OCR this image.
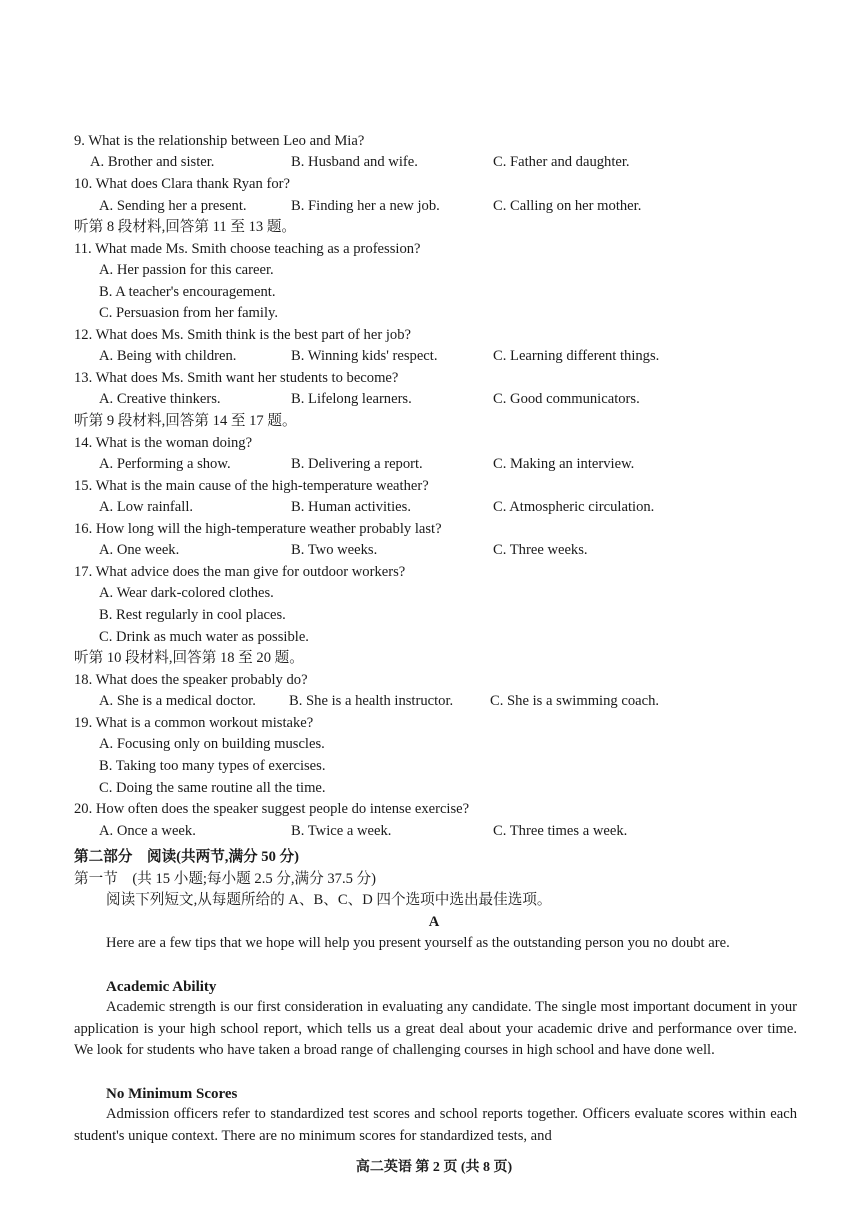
9. What is the relationship between Leo and Mia?
A. Brother and sister.	B. Husband and wife.	C. Father and daughter.
10. What does Clara thank Ryan for?
A. Sending her a present.	B. Finding her a new job.	C. Calling on her mother.
听第 8 段材料,回答第 11 至 13 题。
11. What made Ms. Smith choose teaching as a profession?
A. Her passion for this career.
B. A teacher's encouragement.
C. Persuasion from her family.
12. What does Ms. Smith think is the best part of her job?
A. Being with children.	B. Winning kids' respect.	C. Learning different things.
13. What does Ms. Smith want her students to become?
A. Creative thinkers.	B. Lifelong learners.	C. Good communicators.
听第 9 段材料,回答第 14 至 17 题。
14. What is the woman doing?
A. Performing a show.	B. Delivering a report.	C. Making an interview.
15. What is the main cause of the high-temperature weather?
A. Low rainfall.	B. Human activities.	C. Atmospheric circulation.
16. How long will the high-temperature weather probably last?
A. One week.	B. Two weeks.	C. Three weeks.
17. What advice does the man give for outdoor workers?
A. Wear dark-colored clothes.
B. Rest regularly in cool places.
C. Drink as much water as possible.
听第 10 段材料,回答第 18 至 20 题。
18. What does the speaker probably do?
A. She is a medical doctor. B. She is a health instructor.	C. She is a swimming coach.
19. What is a common workout mistake?
A. Focusing only on building muscles.
B. Taking too many types of exercises.
C. Doing the same routine all the time.
20. How often does the speaker suggest people do intense exercise?
A. Once a week.	B. Twice a week.	C. Three times a week.
第二部分　阅读(共两节,满分 50 分)
第一节　(共 15 小题;每小题 2.5 分,满分 37.5 分)
阅读下列短文,从每题所给的 A、B、C、D 四个选项中选出最佳选项。
A
Here are a few tips that we hope will help you present yourself as the outstanding person you no doubt are.
Academic Ability
Academic strength is our first consideration in evaluating any candidate. The single most important document in your application is your high school report, which tells us a great deal about your academic drive and performance over time. We look for students who have taken a broad range of challenging courses in high school and have done well.
No Minimum Scores
Admission officers refer to standardized test scores and school reports together. Officers evaluate scores within each student's unique context. There are no minimum scores for standardized tests, and
高二英语 第 2 页 (共 8 页)
